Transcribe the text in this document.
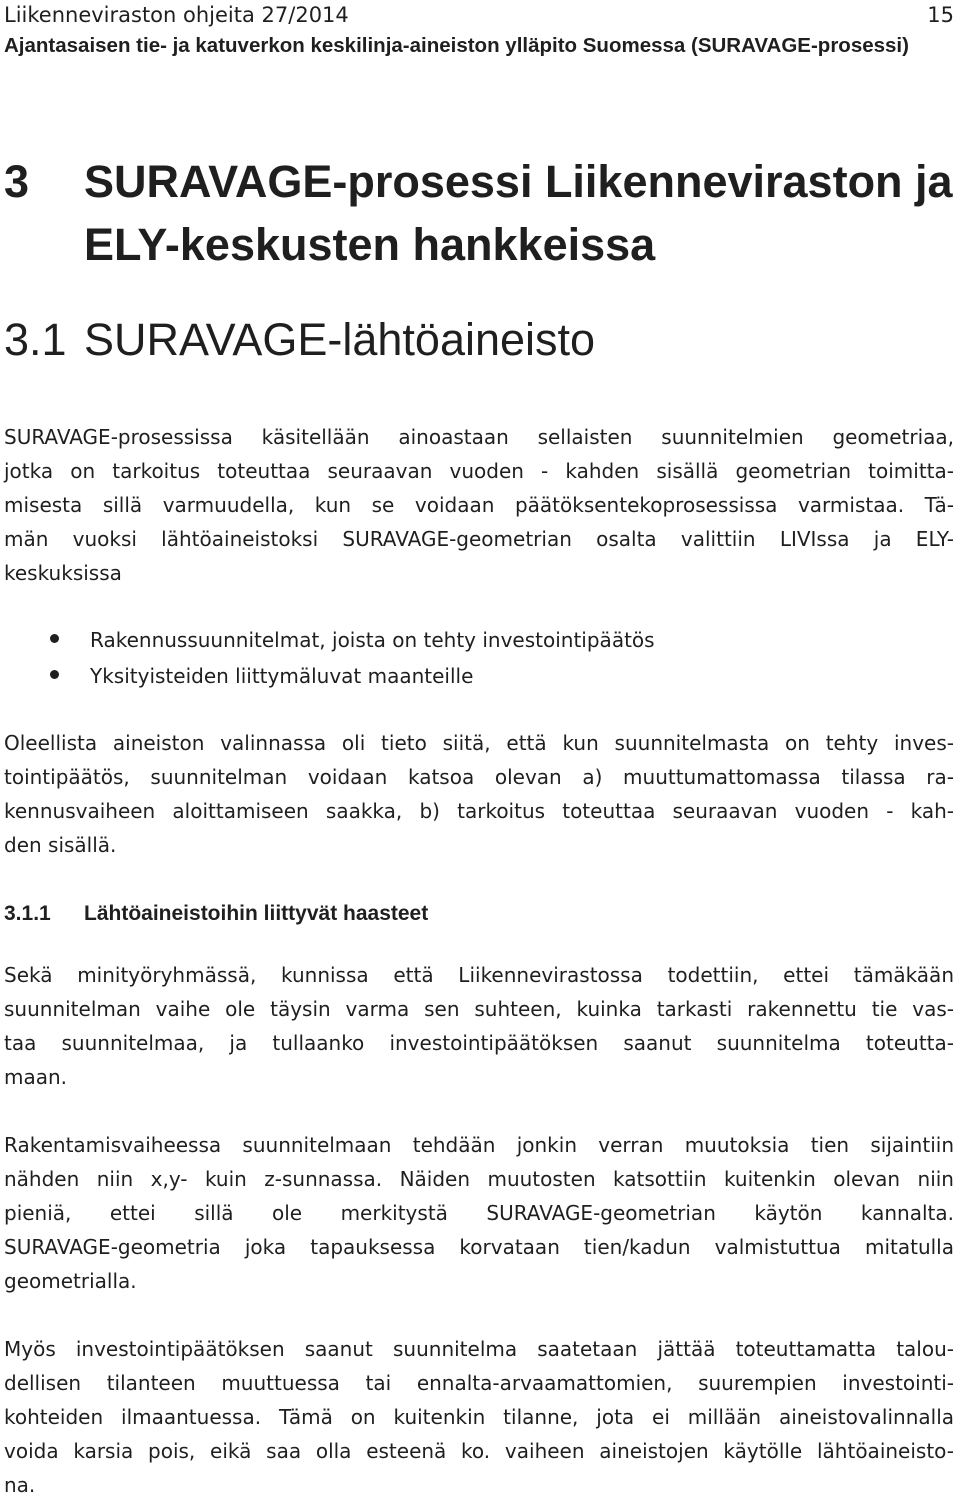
Liikenneviraston ohjeita 27/2014	15
Ajantasaisen tie- ja katuverkon keskilinja-aineiston ylläpito Suomessa (SURAVAGE-prosessi)
3 SURAVAGE-prosessi Liikenneviraston ja
ELY-keskusten hankkeissa
3.1 SURAVAGE-lähtöaineisto
SURAVAGE-prosessissa käsitellään ainoastaan sellaisten suunnitelmien geometriaa,
jotka on tarkoitus toteuttaa seuraavan vuoden - kahden sisällä geometrian toimitta-
misesta sillä varmuudella, kun se voidaan päätöksentekoprosessissa varmistaa. Tä-
män vuoksi lähtöaineistoksi SURAVAGE-geometrian osalta valittiin LIVIssa ja ELY-
keskuksissa
Rakennussuunnitelmat, joista on tehty investointipäätös
Yksityisteiden liittymäluvat maanteille
Oleellista aineiston valinnassa oli tieto siitä, että kun suunnitelmasta on tehty inves-
tointipäätös, suunnitelman voidaan katsoa olevan a) muuttumattomassa tilassa ra-
kennusvaiheen aloittamiseen saakka, b) tarkoitus toteuttaa seuraavan vuoden - kah-
den sisällä.
3.1.1 Lähtöaineistoihin liittyvät haasteet
Sekä minityöryhmässä, kunnissa että Liikennevirastossa todettiin, ettei tämäkään
suunnitelman vaihe ole täysin varma sen suhteen, kuinka tarkasti rakennettu tie vas-
taa suunnitelmaa, ja tullaanko investointipäätöksen saanut suunnitelma toteutta-
maan.
Rakentamisvaiheessa suunnitelmaan tehdään jonkin verran muutoksia tien sijaintiin
nähden niin x,y- kuin z-sunnassa. Näiden muutosten katsottiin kuitenkin olevan niin
pieniä, ettei sillä ole merkitystä SURAVAGE-geometrian käytön kannalta.
SURAVAGE-geometria joka tapauksessa korvataan tien/kadun valmistuttua mitatulla
geometrialla.
Myös investointipäätöksen saanut suunnitelma saatetaan jättää toteuttamatta talou-
dellisen tilanteen muuttuessa tai ennalta-arvaamattomien, suurempien investointi-
kohteiden ilmaantuessa. Tämä on kuitenkin tilanne, jota ei millään aineistovalinnalla
voida karsia pois, eikä saa olla esteenä ko. vaiheen aineistojen käytölle lähtöaineisto-
na.
